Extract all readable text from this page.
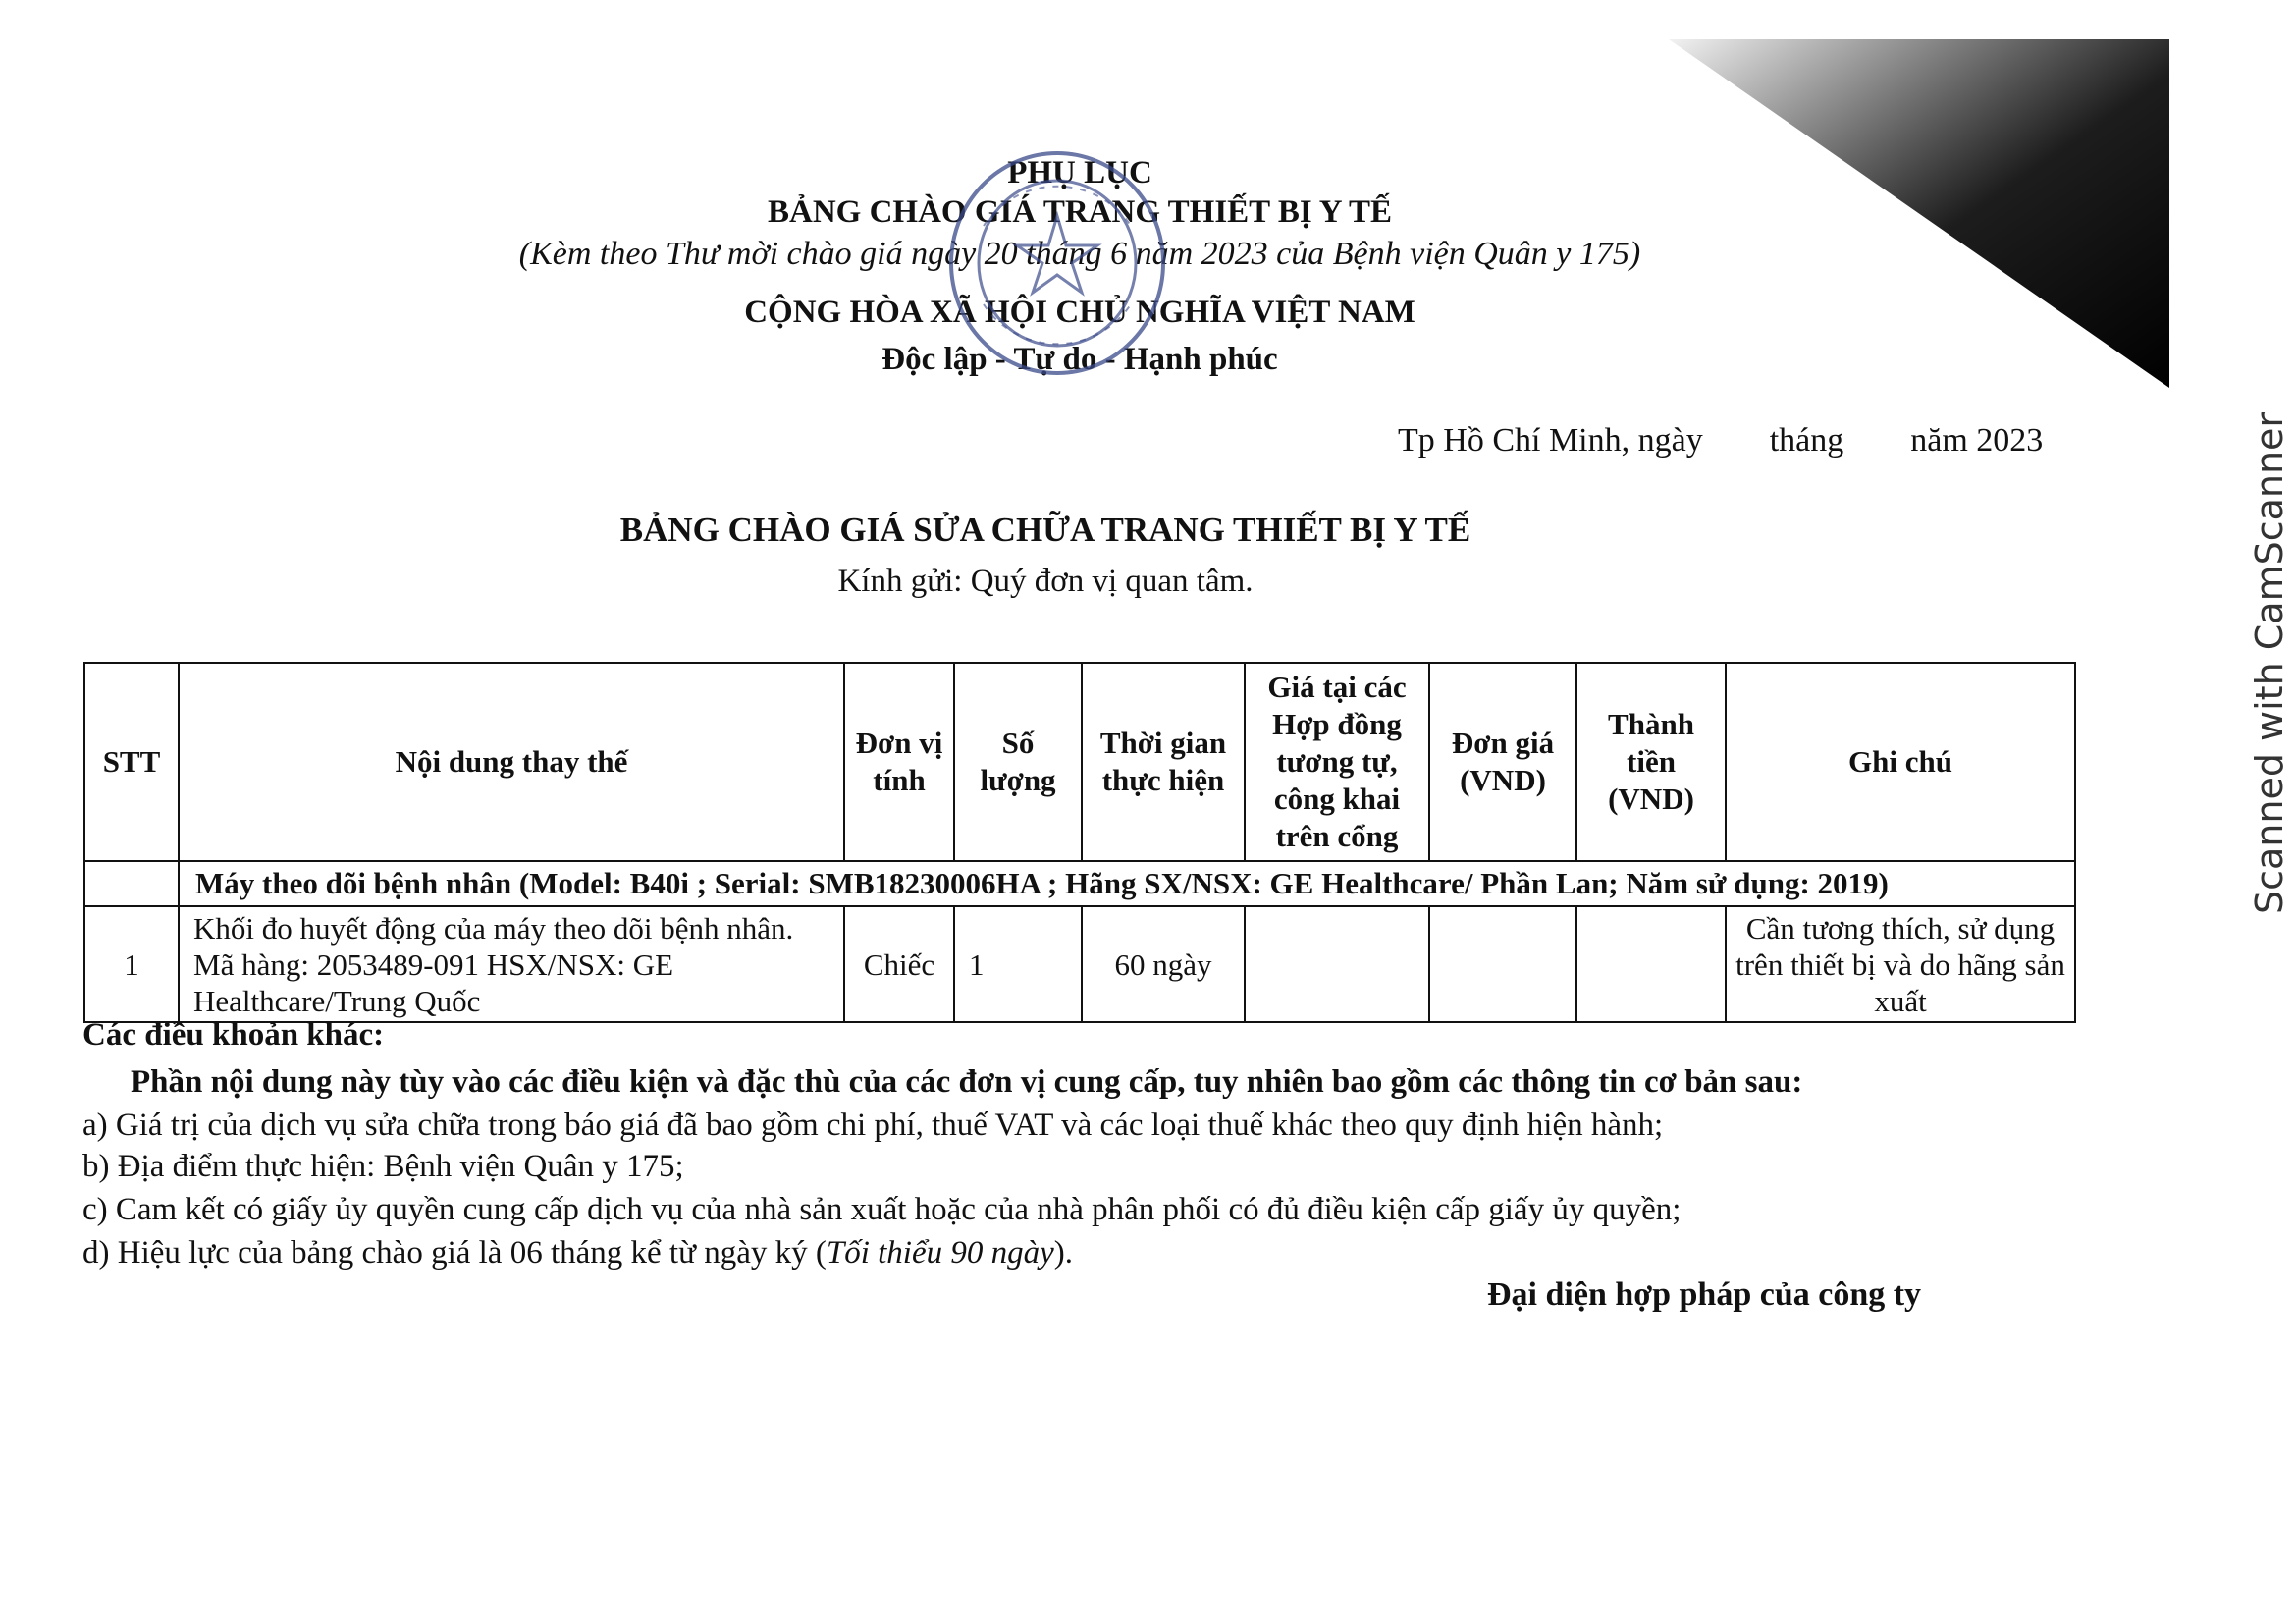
PHỤ LỤC
BẢNG CHÀO GIÁ TRANG THIẾT BỊ Y TẾ
(Kèm theo Thư mời chào giá ngày 20 tháng 6 năm 2023 của Bệnh viện Quân y 175)
CỘNG HÒA XÃ HỘI CHỦ NGHĨA VIỆT NAM
Độc lập - Tự do - Hạnh phúc
Tp Hồ Chí Minh, ngày tháng năm 2023
BẢNG CHÀO GIÁ SỬA CHỮA TRANG THIẾT BỊ Y TẾ
Kính gửi: Quý đơn vị quan tâm.
STT	Nội dung thay thế	Đơn vị tính	Số lượng	Thời gian thực hiện	Giá tại các Hợp đồng tương tự, công khai trên cổng	Đơn giá (VND)	Thành tiền (VND)	Ghi chú
	Máy theo dõi bệnh nhân (Model: B40i ; Serial: SMB18230006HA ; Hãng SX/NSX: GE Healthcare/ Phần Lan; Năm sử dụng: 2019)							
1	Khối đo huyết động của máy theo dõi bệnh nhân. Mã hàng: 2053489-091 HSX/NSX: GE Healthcare/Trung Quốc	Chiếc	1	60 ngày				Cần tương thích, sử dụng trên thiết bị và do hãng sản xuất
Các điều khoản khác:
Phần nội dung này tùy vào các điều kiện và đặc thù của các đơn vị cung cấp, tuy nhiên bao gồm các thông tin cơ bản sau:
a) Giá trị của dịch vụ sửa chữa trong báo giá đã bao gồm chi phí, thuế VAT và các loại thuế khác theo quy định hiện hành;
b) Địa điểm thực hiện: Bệnh viện Quân y 175;
c) Cam kết có giấy ủy quyền cung cấp dịch vụ của nhà sản xuất hoặc của nhà phân phối có đủ điều kiện cấp giấy ủy quyền;
d) Hiệu lực của bảng chào giá là 06 tháng kể từ ngày ký (Tối thiểu 90 ngày).
Đại diện hợp pháp của công ty
Scanned with CamScanner
